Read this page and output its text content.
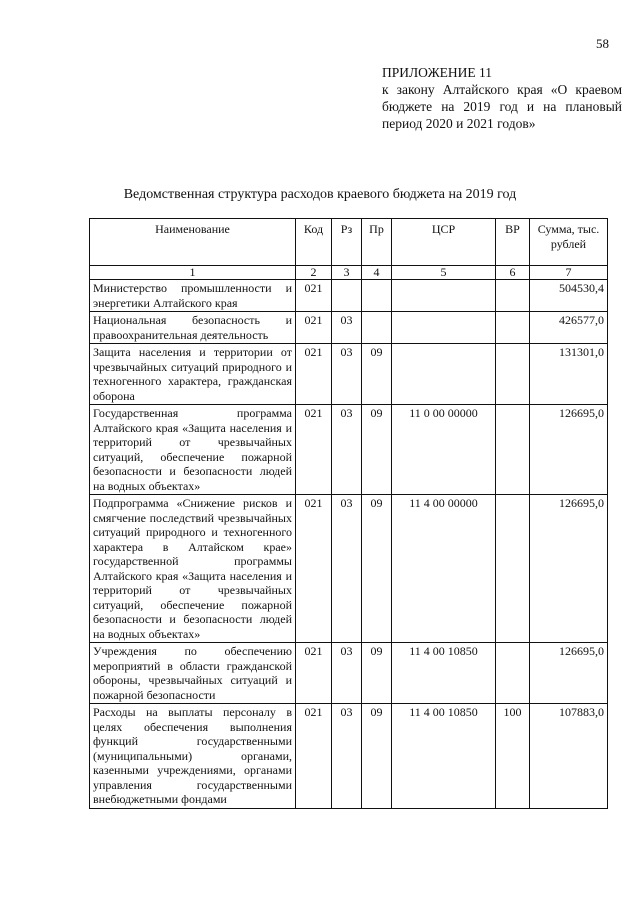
58
ПРИЛОЖЕНИЕ 11
к закону Алтайского края «О краевом бюджете на 2019 год и на плановый период 2020 и 2021 годов»
Ведомственная структура расходов краевого бюджета на 2019 год
Наименование	Код	Рз	Пр	ЦСР	ВР	Сумма, тыс. рублей
1	2	3	4	5	6	7
Министерство промышленности и энергетики Алтайского края	021					504530,4
Национальная безопасность и правоохранительная деятельность	021	03				426577,0
Защита населения и территории от чрезвычайных ситуаций природного и техногенного характера, гражданская оборона	021	03	09			131301,0
Государственная программа Алтайского края «Защита населения и территорий от чрезвычайных ситуаций, обеспечение пожарной безопасности и безопасности людей на водных объектах»	021	03	09	11 0 00 00000		126695,0
Подпрограмма «Снижение рисков и смягчение последствий чрезвычайных ситуаций природного и техногенного характера в Алтайском крае» государственной программы Алтайского края «Защита населения и территорий от чрезвычайных ситуаций, обеспечение пожарной безопасности и безопасности людей на водных объектах»	021	03	09	11 4 00 00000		126695,0
Учреждения по обеспечению мероприятий в области гражданской обороны, чрезвычайных ситуаций и пожарной безопасности	021	03	09	11 4 00 10850		126695,0
Расходы на выплаты персоналу в целях обеспечения выполнения функций государственными (муниципальными) органами, казенными учреждениями, органами управления государственными внебюджетными фондами	021	03	09	11 4 00 10850	100	107883,0
